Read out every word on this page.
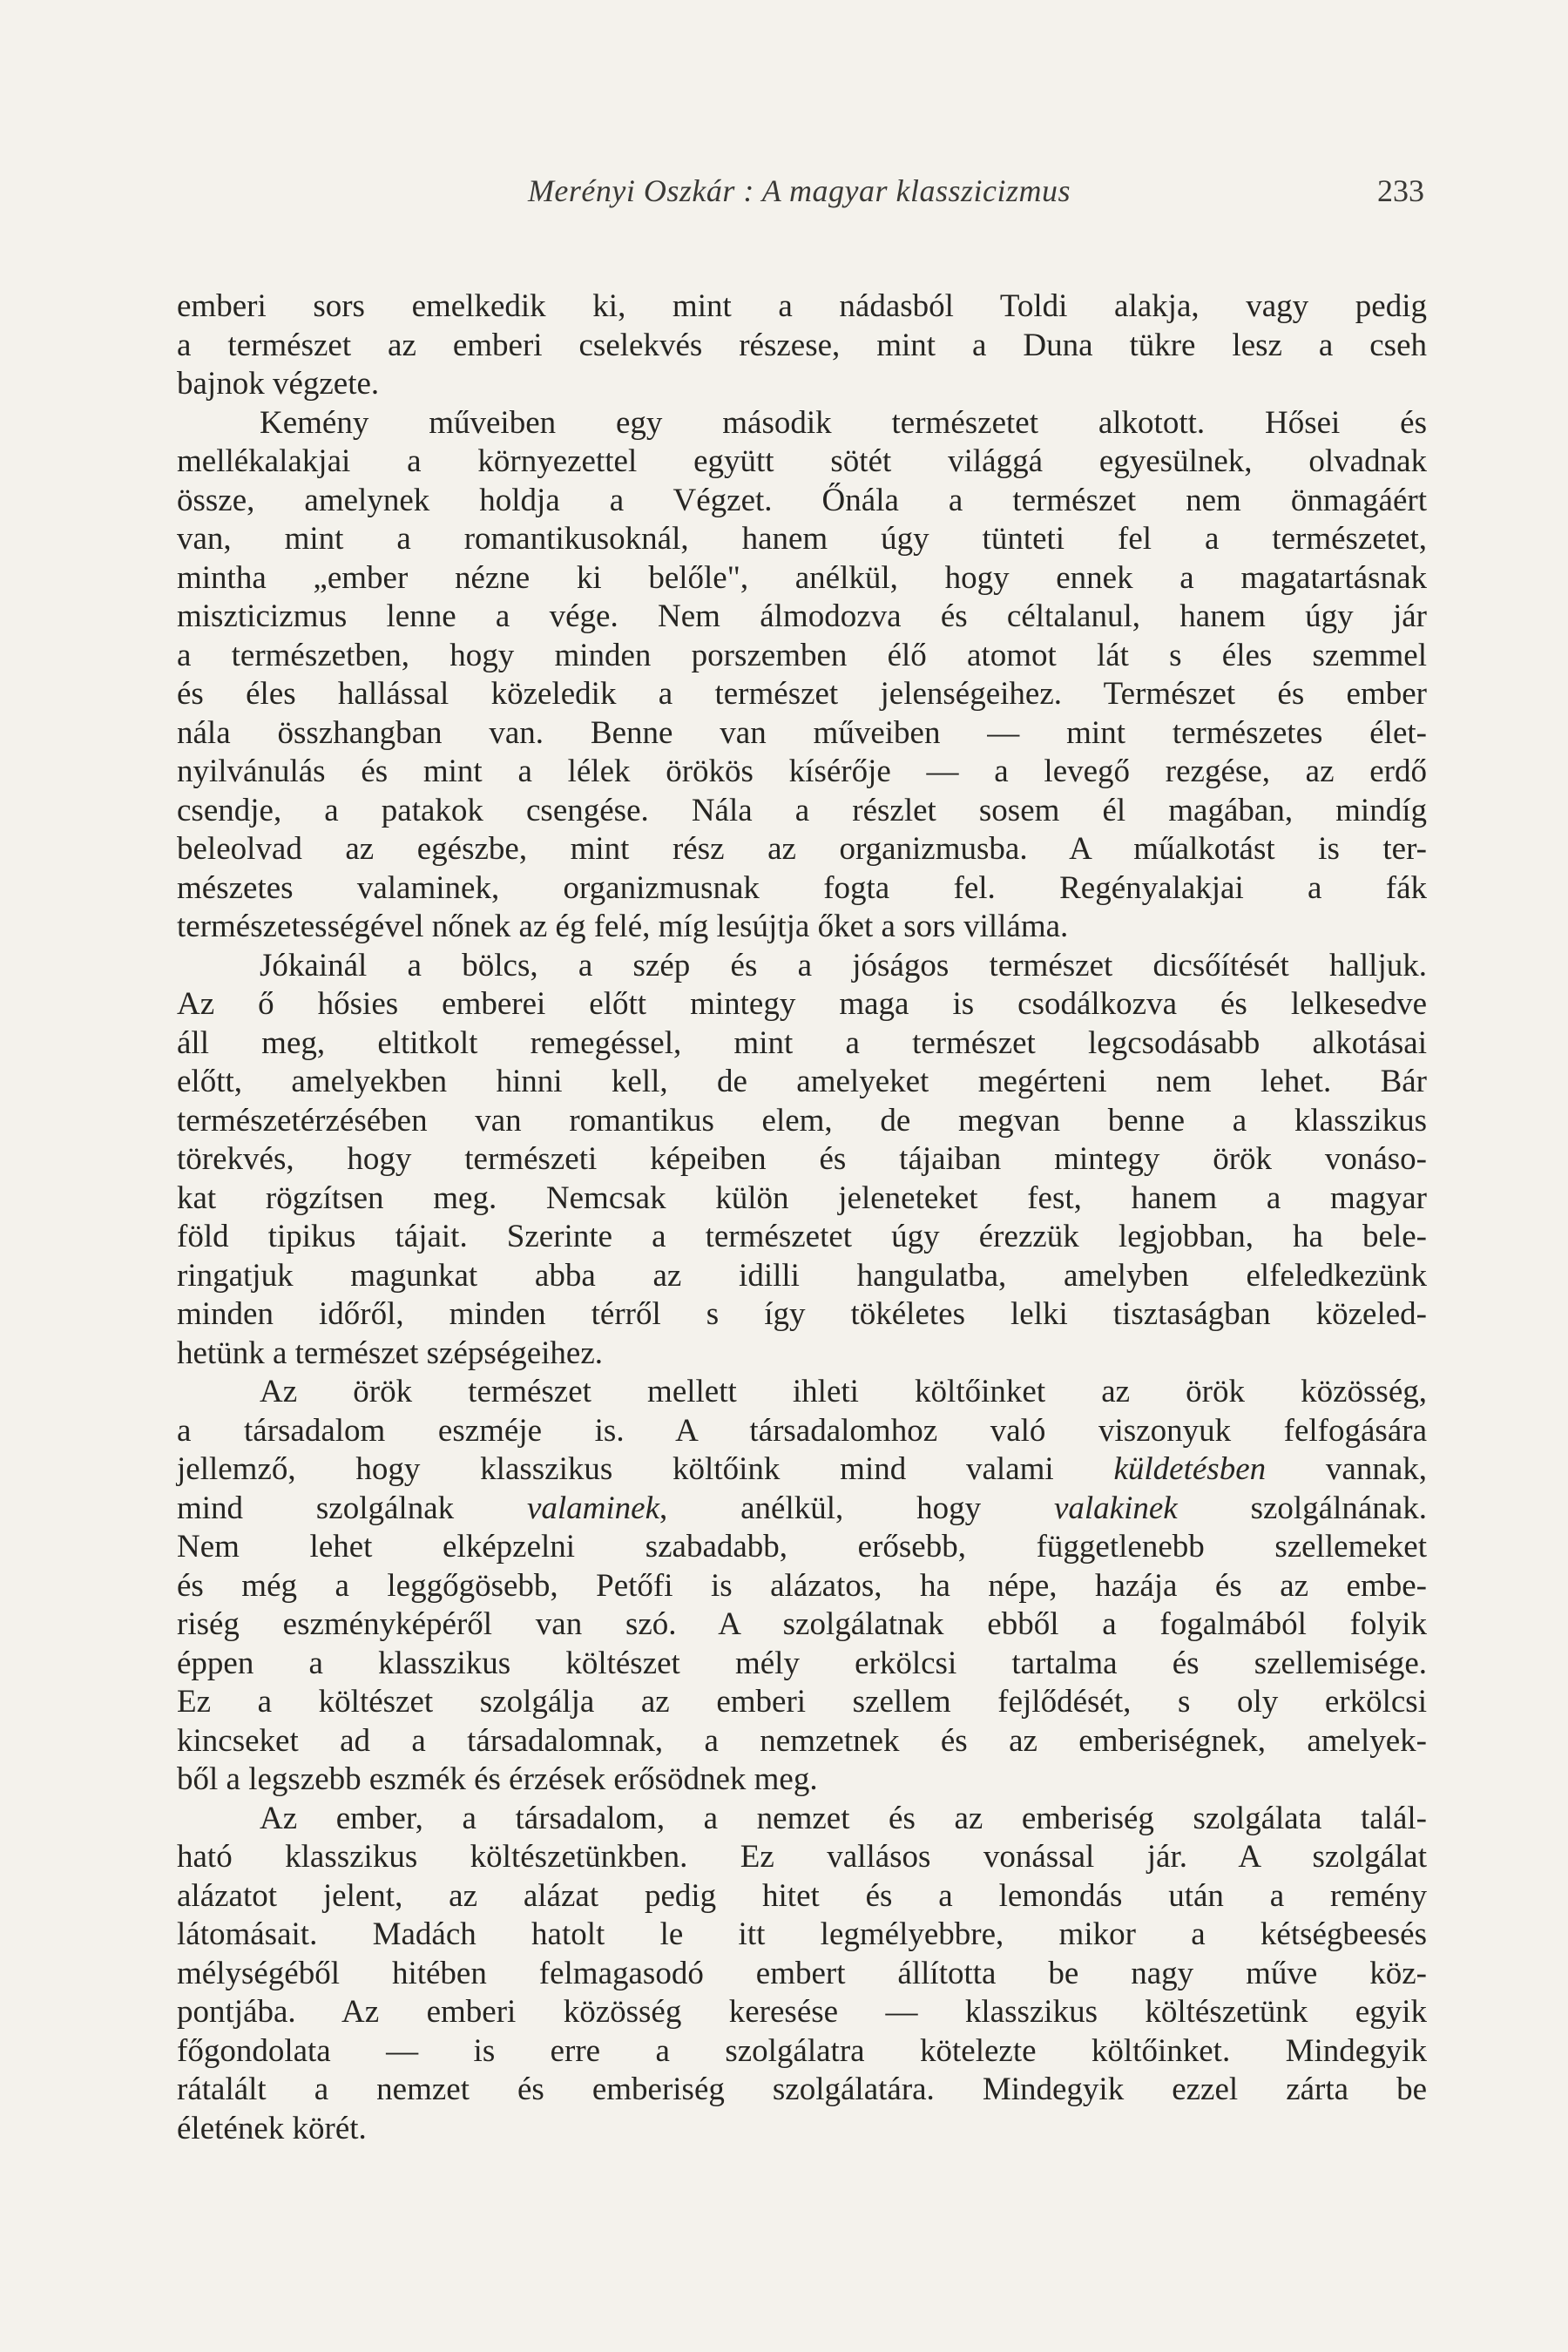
Merényi Oszkár : A magyar klasszicizmus	233

emberi sors emelkedik ki, mint a nádasból Toldi alakja, vagy pedig
a természet az emberi cselekvés részese, mint a Duna tükre lesz a cseh
bajnok végzete.

Kemény műveiben egy második természetet alkotott. Hősei és
mellékalakjai a környezettel együtt sötét világgá egyesülnek, olvadnak
össze, amelynek holdja a Végzet. Őnála a természet nem önmagáért
van, mint a romantikusoknál, hanem úgy tünteti fel a természetet,
mintha „ember nézne ki belőle", anélkül, hogy ennek a magatartásnak
miszticizmus lenne a vége. Nem álmodozva és céltalanul, hanem úgy jár
a természetben, hogy minden porszemben élő atomot lát s éles szemmel
és éles hallással közeledik a természet jelenségeihez. Természet és ember
nála összhangban van. Benne van műveiben — mint természetes élet-
nyilvánulás és mint a lélek örökös kísérője — a levegő rezgése, az erdő
csendje, a patakok csengése. Nála a részlet sosem él magában, mindíg
beleolvad az egészbe, mint rész az organizmusba. A műalkotást is ter-
mészetes valaminek, organizmusnak fogta fel. Regényalakjai a fák
természetességével nőnek az ég felé, míg lesújtja őket a sors villáma.

Jókainál a bölcs, a szép és a jóságos természet dicsőítését halljuk.
Az ő hősies emberei előtt mintegy maga is csodálkozva és lelkesedve
áll meg, eltitkolt remegéssel, mint a természet legcsodásabb alkotásai
előtt, amelyekben hinni kell, de amelyeket megérteni nem lehet. Bár
természetérzésében van romantikus elem, de megvan benne a klasszikus
törekvés, hogy természeti képeiben és tájaiban mintegy örök vonáso-
kat rögzítsen meg. Nemcsak külön jeleneteket fest, hanem a magyar
föld tipikus tájait. Szerinte a természetet úgy érezzük legjobban, ha bele-
ringatjuk magunkat abba az idilli hangulatba, amelyben elfeledkezünk
minden időről, minden térről s így tökéletes lelki tisztaságban közeled-
hetünk a természet szépségeihez.

Az örök természet mellett ihleti költőinket az örök közösség,
a társadalom eszméje is. A társadalomhoz való viszonyuk felfogására
jellemző, hogy klasszikus költőink mind valami küldetésben vannak,
mind szolgálnak valaminek, anélkül, hogy valakinek szolgálnának.
Nem lehet elképzelni szabadabb, erősebb, függetlenebb szellemeket
és még a leggőgösebb, Petőfi is alázatos, ha népe, hazája és az embe-
riség eszményképéről van szó. A szolgálatnak ebből a fogalmából folyik
éppen a klasszikus költészet mély erkölcsi tartalma és szellemisége.
Ez a költészet szolgálja az emberi szellem fejlődését, s oly erkölcsi
kincseket ad a társadalomnak, a nemzetnek és az emberiségnek, amelyek-
ből a legszebb eszmék és érzések erősödnek meg.

Az ember, a társadalom, a nemzet és az emberiség szolgálata talál-
ható klasszikus költészetünkben. Ez vallásos vonással jár. A szolgálat
alázatot jelent, az alázat pedig hitet és a lemondás után a remény
látomásait. Madách hatolt le itt legmélyebbre, mikor a kétségbeesés
mélységéből hitében felmagasodó embert állította be nagy műve köz-
pontjába. Az emberi közösség keresése — klasszikus költészetünk egyik
főgondolata — is erre a szolgálatra kötelezte költőinket. Mindegyik
rátalált a nemzet és emberiség szolgálatára. Mindegyik ezzel zárta be
életének körét.
